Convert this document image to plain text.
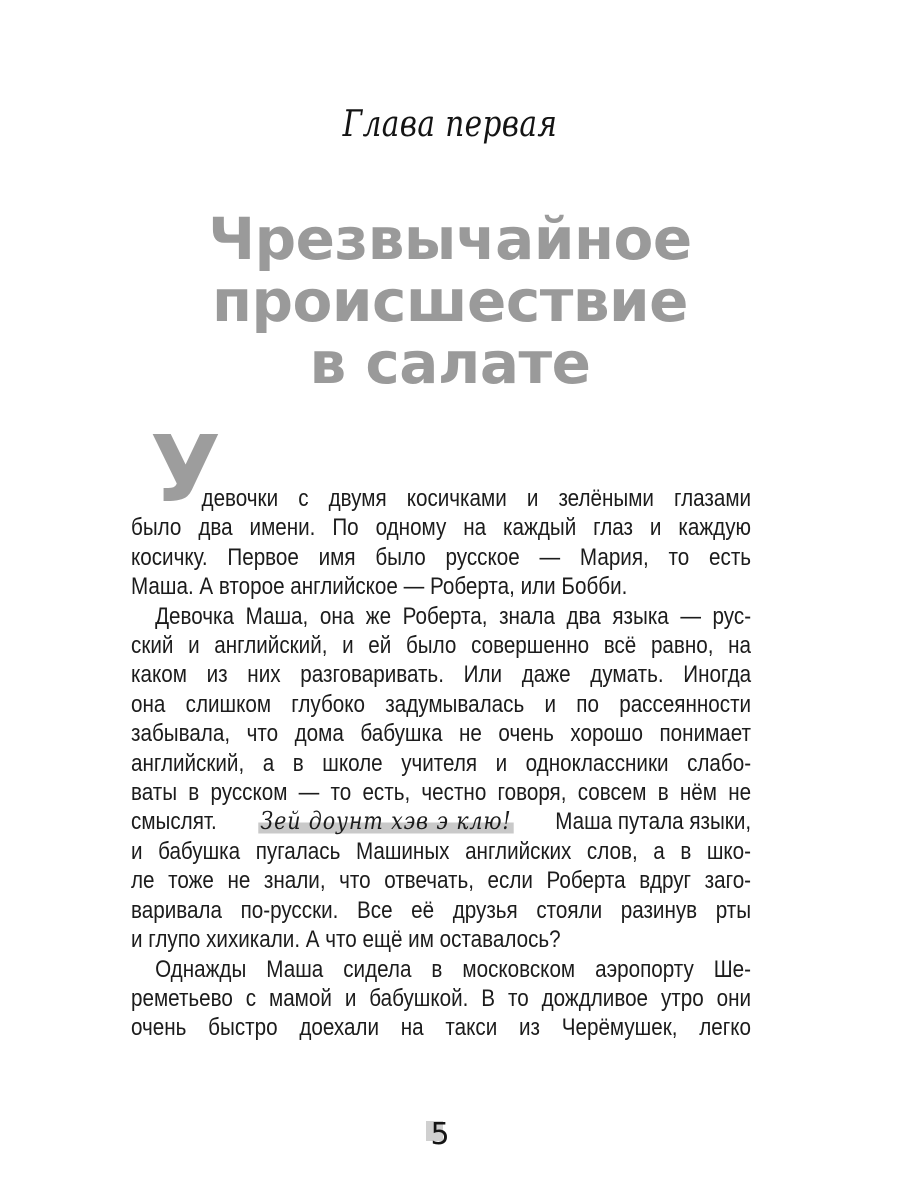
Глава первая
Чрезвычайное
происшествие
в салате
У
девочки с двумя косичками и зелёными глазами
было два имени. По одному на каждый глаз и каждую
косичку. Первое имя было русское — Мария, то есть
Маша. А второе английское — Роберта, или Бобби.
Девочка Маша, она же Роберта, знала два языка — рус-
ский и английский, и ей было совершенно всё равно, на
каком из них разговаривать. Или даже думать. Иногда
она слишком глубоко задумывалась и по рассеянности
забывала, что дома бабушка не очень хорошо понимает
английский, а в школе учителя и одноклассники слабо-
ваты в русском — то есть, честно говоря, совсем в нём не
смыслят. Зей доунт хэв э клю! Маша путала языки,
и бабушка пугалась Машиных английских слов, а в шко-
ле тоже не знали, что отвечать, если Роберта вдруг заго-
варивала по-русски. Все её друзья стояли разинув рты
и глупо хихикали. А что ещё им оставалось?
Однажды Маша сидела в московском аэропорту Ше-
реметьево с мамой и бабушкой. В то дождливое утро они
очень быстро доехали на такси из Черёмушек, легко
5
